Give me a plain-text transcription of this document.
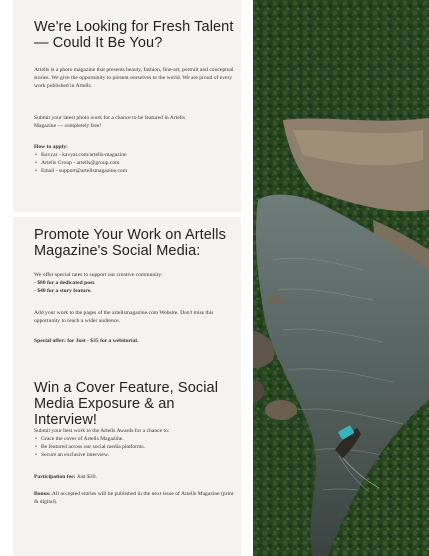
We're Looking for Fresh Talent — Could It Be You?

Artells is a photo magazine that presents beauty, fashion, fine-art, portrait and conceptual stories. We give the opportunity to present ourselves to the world. We are proud of every work published in Artells.

Submit your latest photo work for a chance to be featured in Artells Magazine — completely free!

How to apply:
• Kavyar - kavyar.com/artells-magazine
• Artells Group - artells@group.com
• Email - support@artellsmagazine.com
Promote Your Work on Artells Magazine's Social Media:
We offer special rates to support our creative community:
- $80 for a dedicated post.
- $40 for a story feature.

Add your work to the pages of the artellsmagazine.com Website. Don't miss this opportunity to reach a wider audience.

Special offer: for Just - $35 for a webitorial.

Win a Cover Feature, Social Media Exposure & an Interview!
Submit your best work to the Artells Awards for a chance to:
• Grace the cover of Artells Magazine.
• Be featured across our social media platforms.
• Secure an exclusive interview.

Participation fee: Just $30.

Bonus: All accepted entries will be published in the next issue of Artells Magazine (print & digital).
